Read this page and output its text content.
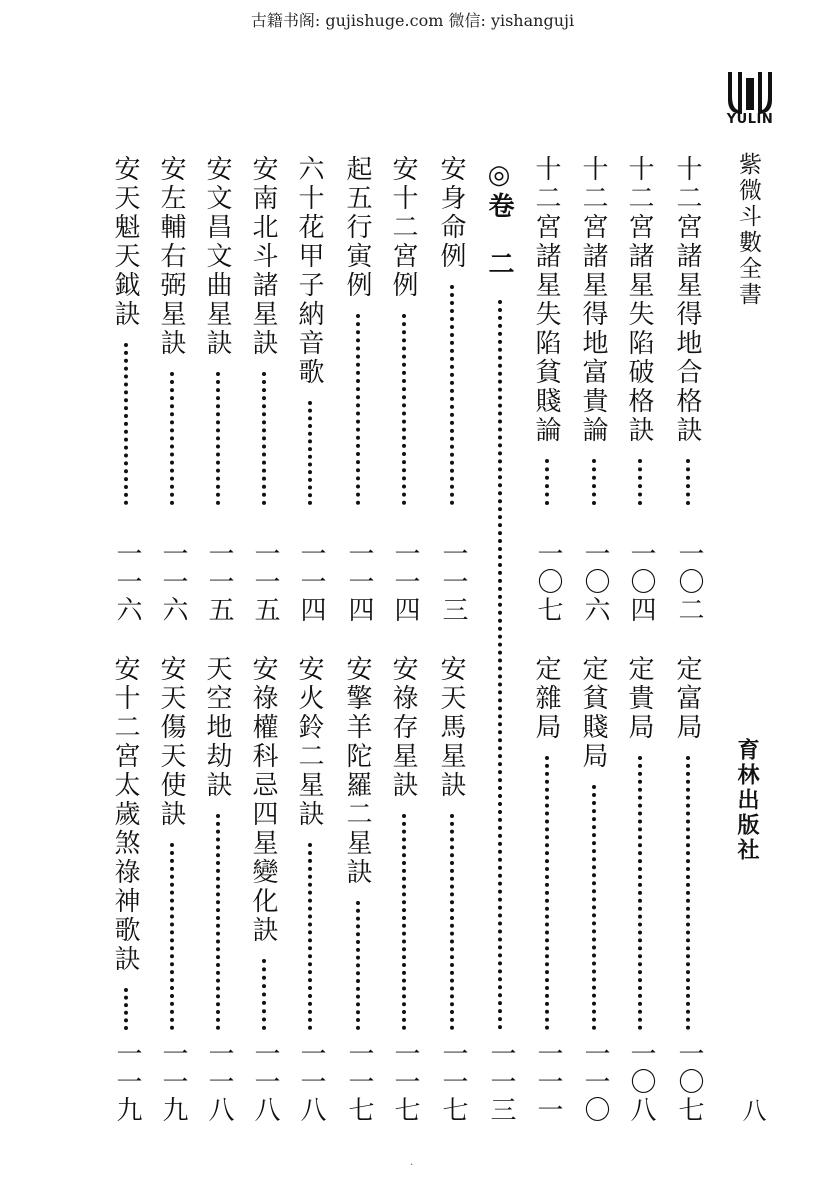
古籍书阁: gujishuge.com 微信: yishanguji
YULIN
紫微斗數全書
育林出版社
八
十二宮諸星得地合格訣
一〇二
十二宮諸星失陷破格訣
一〇四
十二宮諸星得地富貴論
一〇六
十二宮諸星失陷貧賤論
一〇七
安身命例
一一三
安十二宮例
一一四
起五行寅例
一一四
六十花甲子納音歌
一一四
安南北斗諸星訣
一一五
安文昌文曲星訣
一一五
安左輔右弼星訣
一一六
安天魁天鉞訣
一一六
定富局
一〇七
定貴局
一〇八
定貧賤局
一一〇
定雜局
一一一
安天馬星訣
一一七
安祿存星訣
一一七
安擎羊陀羅二星訣
一一七
安火鈴二星訣
一一八
安祿權科忌四星變化訣
一一八
天空地劫訣
一一八
安天傷天使訣
一一九
安十二宮太歲煞祿神歌訣
一一九
◎
卷　二
一一三
·
